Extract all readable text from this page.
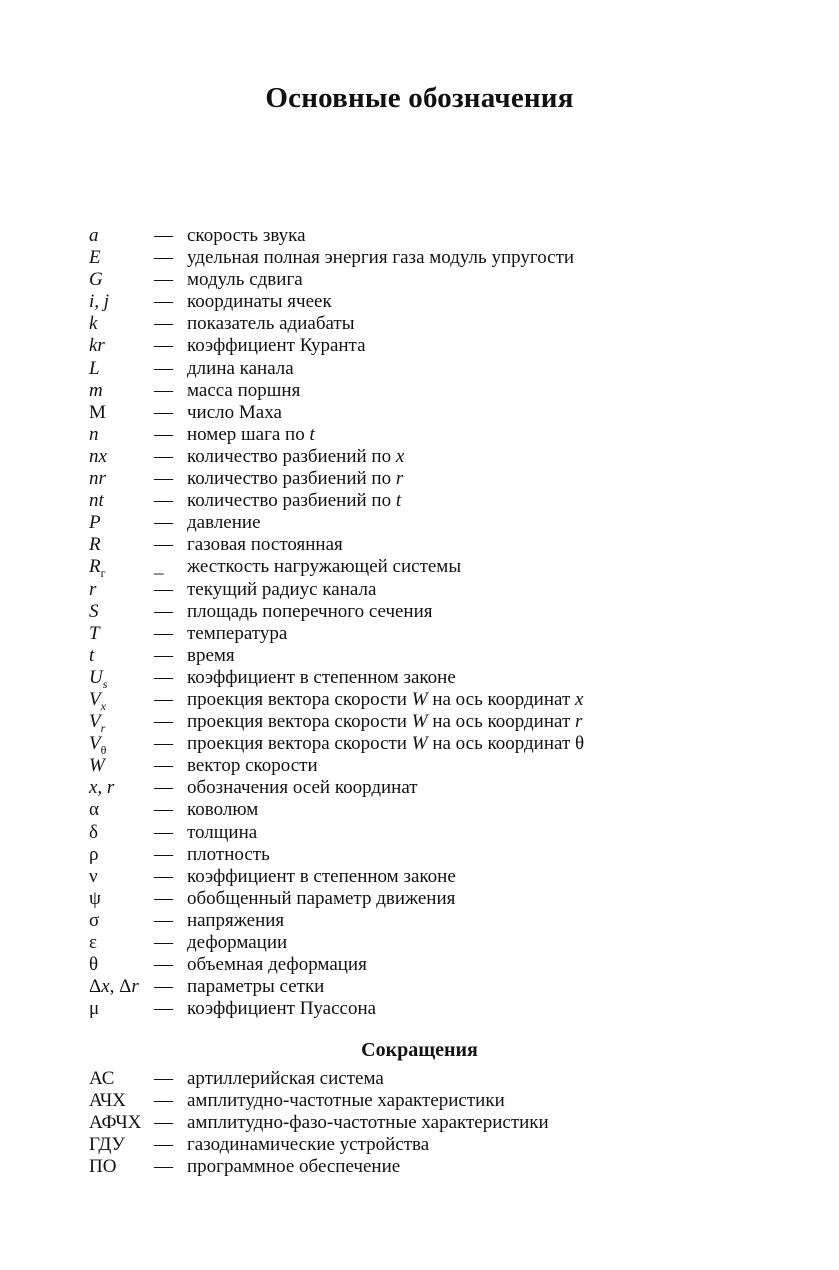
Основные обозначения
a	— скорость звука
E	— удельная полная энергия газа модуль упругости
G	— модуль сдвига
i, j	— координаты ячеек
k	— показатель адиабаты
kr	— коэффициент Куранта
L	— длина канала
m	— масса поршня
M	— число Маха
n	— номер шага по t
nx	— количество разбиений по x
nr	— количество разбиений по r
nt	— количество разбиений по t
P	— давление
R	— газовая постоянная
$R_г$	_	жесткость нагружающей системы
r	— текущий радиус канала
S	— площадь поперечного сечения
T	— температура
t	— время
$U_s$	— коэффициент в степенном законе
$V_x$	— проекция вектора скорости W на ось координат x
$V_r$	— проекция вектора скорости W на ось координат r
$V_\theta$	— проекция вектора скорости W на ось координат θ
W	— вектор скорости
x, r	— обозначения осей координат
α	— коволюм
δ	— толщина
ρ	— плотность
ν	— коэффициент в степенном законе
ψ	— обобщенный параметр движения
σ	— напряжения
ε	— деформации
θ	— объемная деформация
Δx, Δr — параметры сетки
μ	— коэффициент Пуассона
Сокращения
АС	— артиллерийская система
АЧХ	— амплитудно-частотные характеристики
АФЧХ — амплитудно-фазо-частотные характеристики
ГДУ	— газодинамические устройства
ПО	— программное обеспечение
